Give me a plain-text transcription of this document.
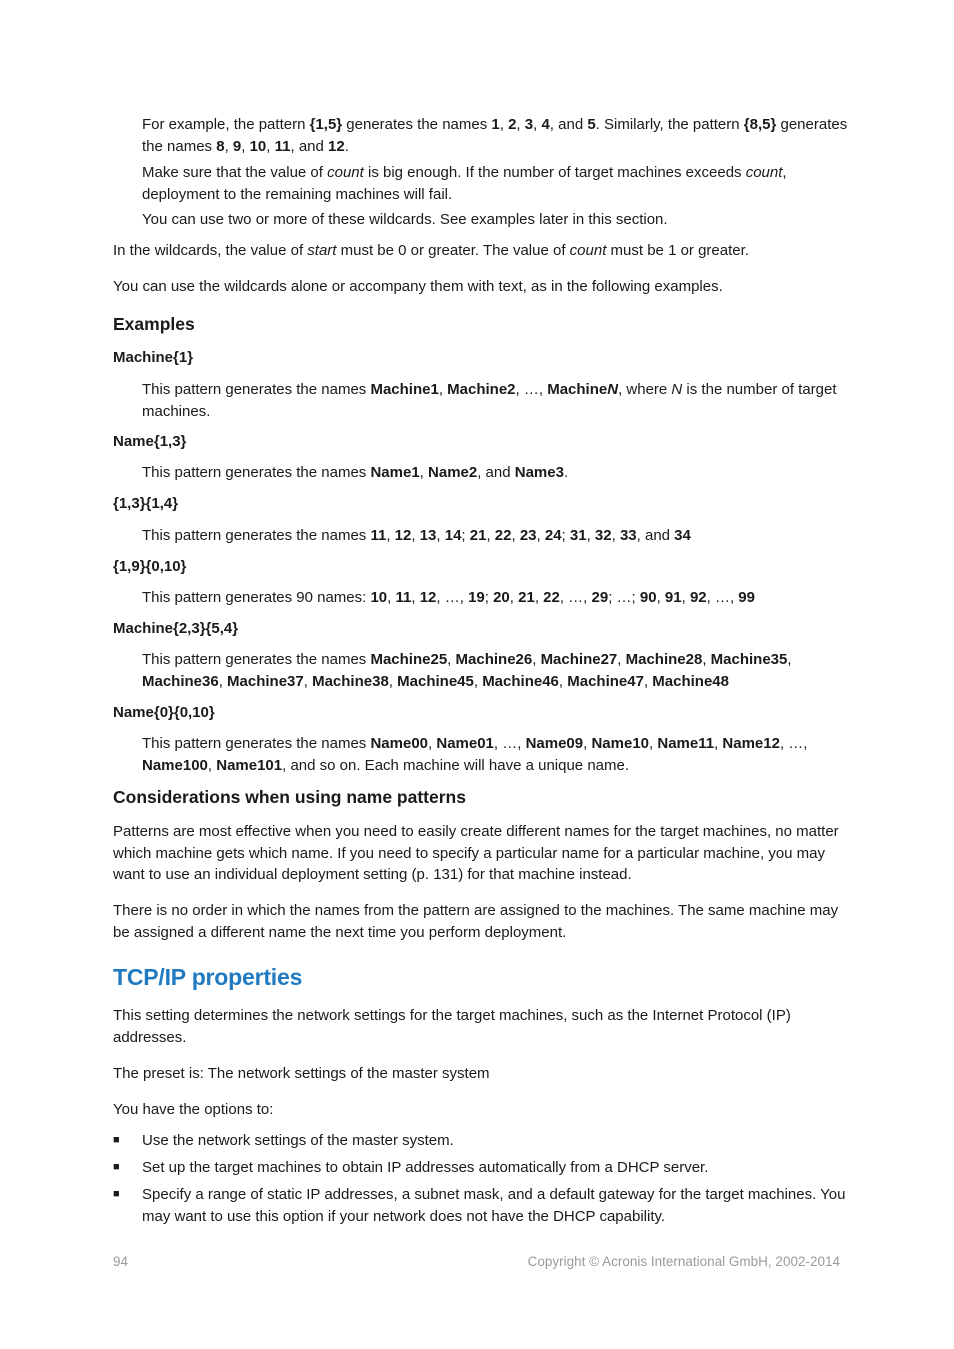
For example, the pattern {1,5} generates the names 1, 2, 3, 4, and 5. Similarly, the pattern {8,5} generates the names 8, 9, 10, 11, and 12.

Make sure that the value of count is big enough. If the number of target machines exceeds count, deployment to the remaining machines will fail.

You can use two or more of these wildcards. See examples later in this section.

In the wildcards, the value of start must be 0 or greater. The value of count must be 1 or greater.

You can use the wildcards alone or accompany them with text, as in the following examples.

Examples
Machine{1}

This pattern generates the names Machine1, Machine2, …, MachineN, where N is the number of target machines.

Name{1,3}

This pattern generates the names Name1, Name2, and Name3.

{1,3}{1,4}

This pattern generates the names 11, 12, 13, 14; 21, 22, 23, 24; 31, 32, 33, and 34

{1,9}{0,10}

This pattern generates 90 names: 10, 11, 12, …, 19; 20, 21, 22, …, 29; …; 90, 91, 92, …, 99

Machine{2,3}{5,4}

This pattern generates the names Machine25, Machine26, Machine27, Machine28, Machine35, Machine36, Machine37, Machine38, Machine45, Machine46, Machine47, Machine48

Name{0}{0,10}

This pattern generates the names Name00, Name01, …, Name09, Name10, Name11, Name12, …, Name100, Name101, and so on. Each machine will have a unique name.

Considerations when using name patterns

Patterns are most effective when you need to easily create different names for the target machines, no matter which machine gets which name. If you need to specify a particular name for a particular machine, you may want to use an individual deployment setting (p. 131) for that machine instead.

There is no order in which the names from the pattern are assigned to the machines. The same machine may be assigned a different name the next time you perform deployment.

TCP/IP properties

This setting determines the network settings for the target machines, such as the Internet Protocol (IP) addresses.

The preset is: The network settings of the master system

You have the options to:

■ Use the network settings of the master system.
■ Set up the target machines to obtain IP addresses automatically from a DHCP server.
■ Specify a range of static IP addresses, a subnet mask, and a default gateway for the target machines. You may want to use this option if your network does not have the DHCP capability.
94	Copyright © Acronis International GmbH, 2002-2014
